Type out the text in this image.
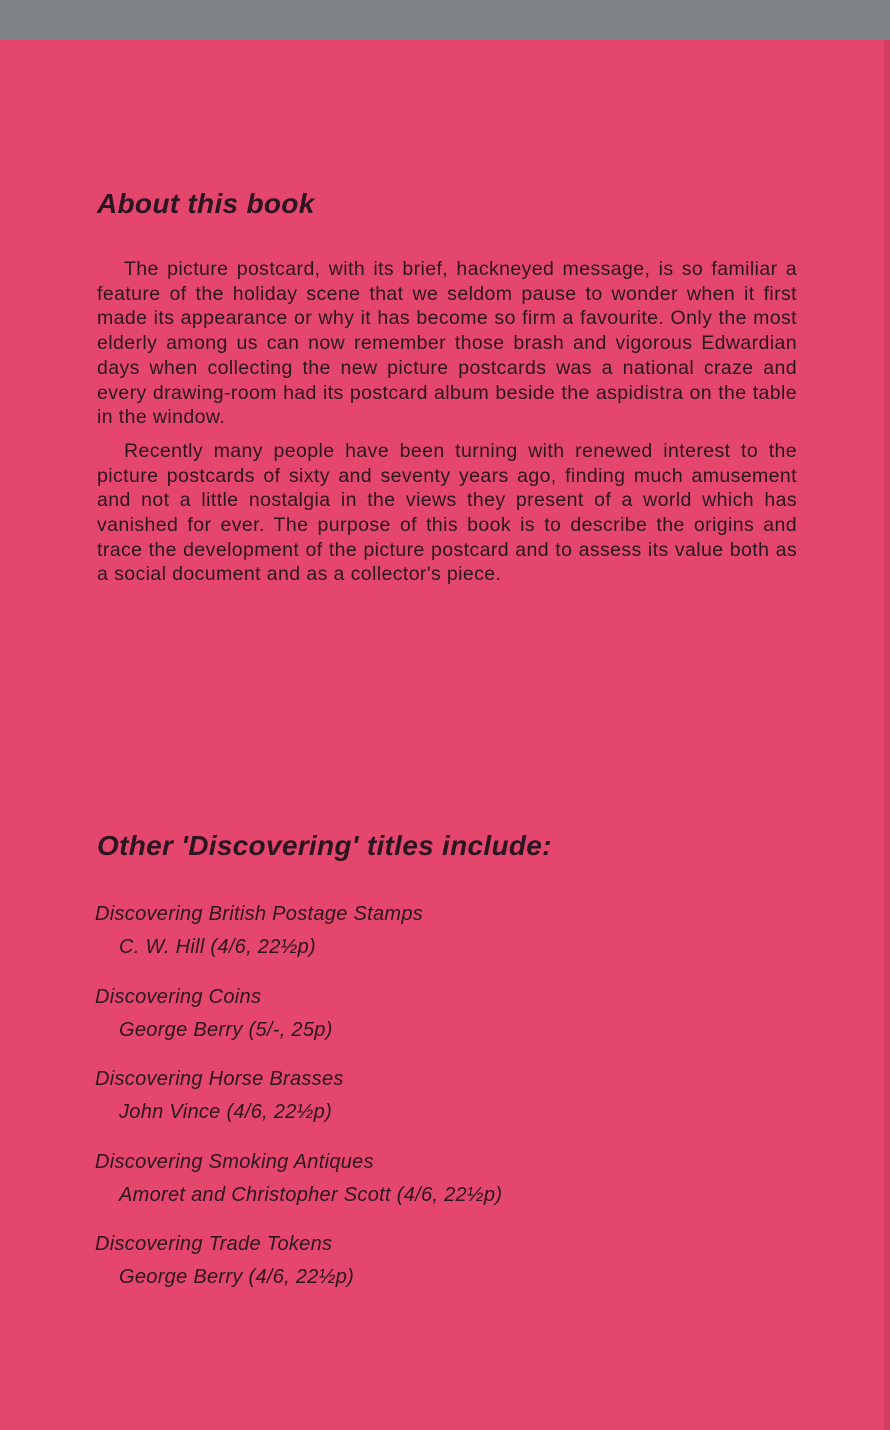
About this book

The picture postcard, with its brief, hackneyed message, is so familiar a feature of the holiday scene that we seldom pause to wonder when it first made its appearance or why it has become so firm a favourite. Only the most elderly among us can now remember those brash and vigorous Edwardian days when collecting the new picture postcards was a national craze and every drawing-room had its postcard album beside the aspidistra on the table in the window.

Recently many people have been turning with renewed interest to the picture postcards of sixty and seventy years ago, finding much amusement and not a little nostalgia in the views they present of a world which has vanished for ever. The purpose of this book is to describe the origins and trace the development of the picture postcard and to assess its value both as a social document and as a collector's piece.

Other 'Discovering' titles include:
Discovering British Postage Stamps
C. W. Hill (4/6, 22½p)
Discovering Coins
George Berry (5/-, 25p)
Discovering Horse Brasses
John Vince (4/6, 22½p)
Discovering Smoking Antiques
Amoret and Christopher Scott (4/6, 22½p)
Discovering Trade Tokens
George Berry (4/6, 22½p)
